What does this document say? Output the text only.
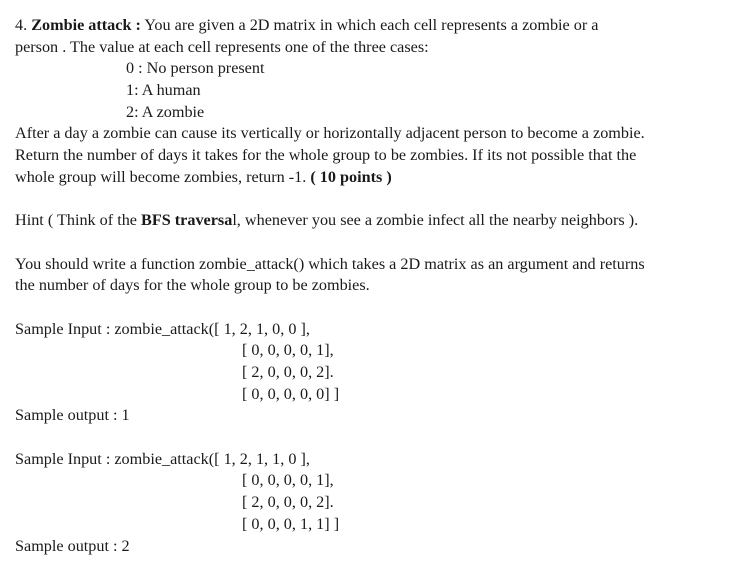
4. Zombie attack : You are given a 2D matrix in which each cell represents a zombie or a
person . The value at each cell represents one of the three cases:
0 : No person present
1: A human
2: A zombie
After a day a zombie can cause its vertically or horizontally adjacent person to become a zombie.
Return the number of days it takes for the whole group to be zombies. If its not possible that the
whole group will become zombies, return -1. ( 10 points )
Hint ( Think of the BFS traversal, whenever you see a zombie infect all the nearby neighbors ).
You should write a function zombie_attack() which takes a 2D matrix as an argument and returns
the number of days for the whole group to be zombies.
Sample Input : zombie_attack([ 1, 2, 1, 0, 0 ],
[ 0, 0, 0, 0, 1],
[ 2, 0, 0, 0, 2].
[ 0, 0, 0, 0, 0] ]
Sample output : 1
Sample Input : zombie_attack([ 1, 2, 1, 1, 0 ],
[ 0, 0, 0, 0, 1],
[ 2, 0, 0, 0, 2].
[ 0, 0, 0, 1, 1] ]
Sample output : 2
